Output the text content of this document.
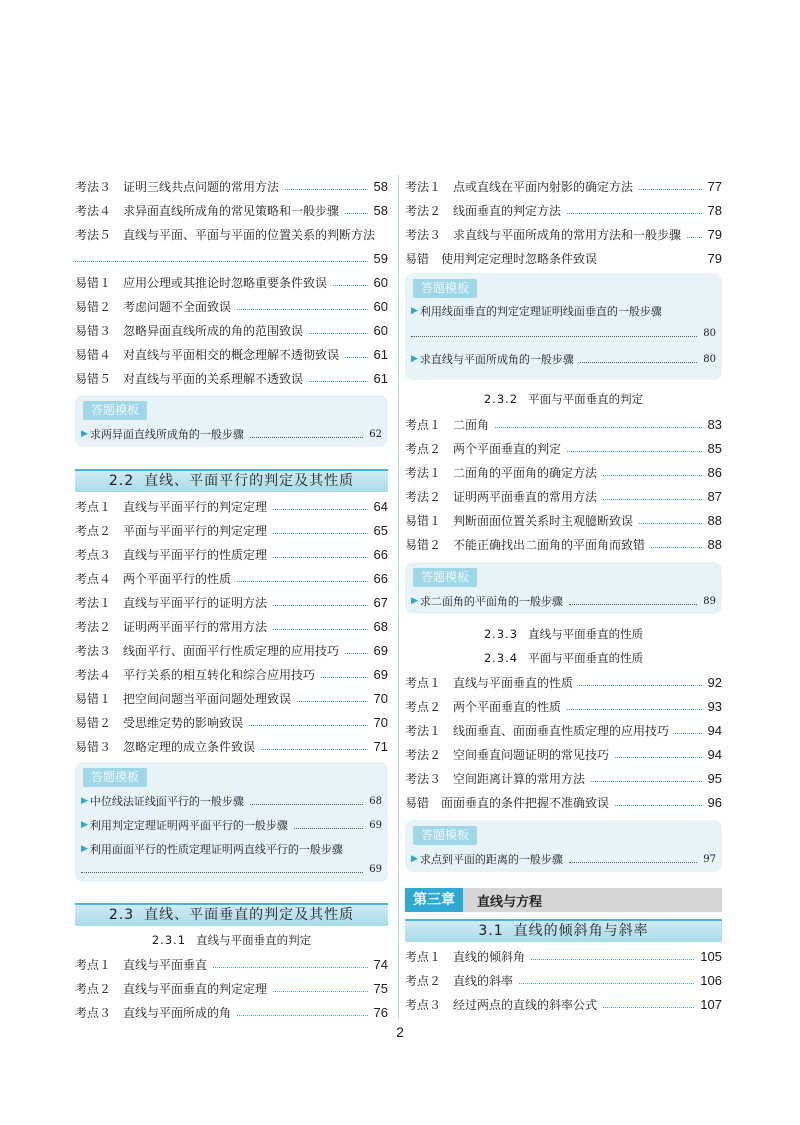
考法３ 证明三线共点问题的常用方法	58
考法４ 求异面直线所成角的常见策略和一般步骤	58
考法５ 直线与平面、平面与平面的位置关系的判断方法
59
易错１ 应用公理或其推论时忽略重要条件致误	60
易错２ 考虑问题不全面致误	60
易错３ 忽略异面直线所成的角的范围致误	60
易错４ 对直线与平面相交的概念理解不透彻致误	61
易错５ 对直线与平面的关系理解不透致误	61
答题模板
▶ 求两异面直线所成角的一般步骤	62
2.2 直线、平面平行的判定及其性质
考点１ 直线与平面平行的判定定理	64
考点２ 平面与平面平行的判定定理	65
考点３ 直线与平面平行的性质定理	66
考点４ 两个平面平行的性质	66
考法１ 直线与平面平行的证明方法	67
考法２ 证明两平面平行的常用方法	68
考法３ 线面平行、面面平行性质定理的应用技巧	69
考法４ 平行关系的相互转化和综合应用技巧	69
易错１ 把空间问题当平面问题处理致误	70
易错２ 受思维定势的影响致误	70
易错３ 忽略定理的成立条件致误	71
答题模板
▶ 中位线法证线面平行的一般步骤	68
▶ 利用判定定理证明两平面平行的一般步骤	69
▶ 利用面面平行的性质定理证明两直线平行的一般步骤
69
2.3 直线、平面垂直的判定及其性质
2.3.1 直线与平面垂直的判定
考点１ 直线与平面垂直	74
考点２ 直线与平面垂直的判定定理	75
考点３ 直线与平面所成的角	76
考法１ 点或直线在平面内射影的确定方法	77
考法２ 线面垂直的判定方法	78
考法３ 求直线与平面所成角的常用方法和一般步骤 79
易错 使用判定定理时忽略条件致误	79
答题模板
▶ 利用线面垂直的判定定理证明线面垂直的一般步骤
80
▶ 求直线与平面所成角的一般步骤	80
2.3.2 平面与平面垂直的判定
考点１ 二面角	83
考点２ 两个平面垂直的判定	85
考法１ 二面角的平面角的确定方法	86
考法２ 证明两平面垂直的常用方法	87
易错１ 判断面面位置关系时主观臆断致误	88
易错２ 不能正确找出二面角的平面角而致错	88
答题模板
▶ 求二面角的平面角的一般步骤	89
2.3.3 直线与平面垂直的性质
2.3.4 平面与平面垂直的性质
考点１ 直线与平面垂直的性质	92
考点２ 两个平面垂直的性质	93
考法１ 线面垂直、面面垂直性质定理的应用技巧	94
考法２ 空间垂直问题证明的常见技巧	94
考法３ 空间距离计算的常用方法	95
易错 面面垂直的条件把握不准确致误	96
答题模板
▶ 求点到平面的距离的一般步骤	97
第三章	直线与方程
3.1 直线的倾斜角与斜率
考点１ 直线的倾斜角	105
考点２ 直线的斜率	106
考点３ 经过两点的直线的斜率公式	107
2
